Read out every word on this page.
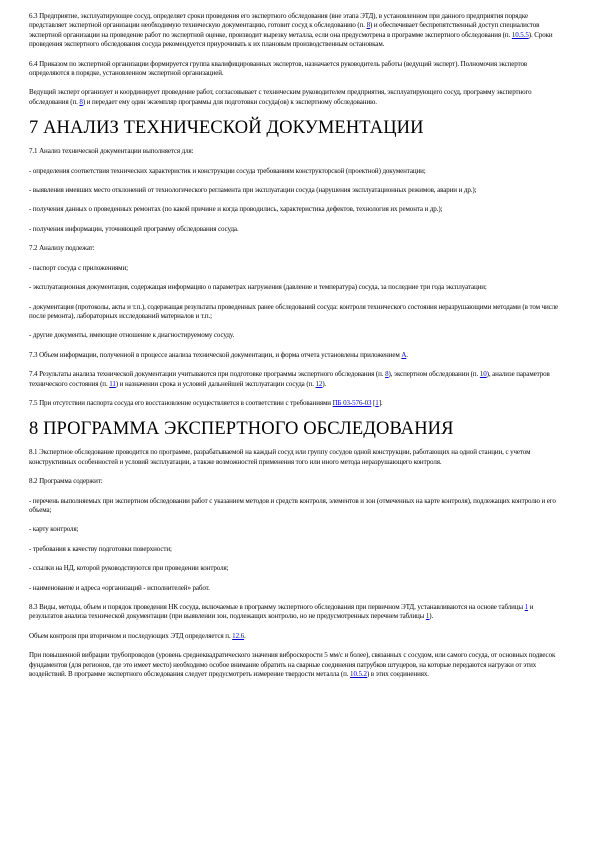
6.3 Предприятие, эксплуатирующее сосуд, определяет сроки проведения его экспертного обследования (вне этапа ЭТД), в установленном при данного предприятия порядке представляет экспертной организации необходимую техническую документацию, готовит сосуд к обследованию (п. 8) и обеспечивает беспрепятственный доступ специалистов экспертной организации на проведение работ по экспертной оценке, производит вырезку металла, если она предусмотрена в программе экспертного обследования (п. 10.5.5). Сроки проведения экспертного обследования сосуда рекомендуется приурочивать к их плановым производственным остановкам.

6.4 Приказом по экспертной организации формируется группа квалифицированных экспертов, назначается руководитель работы (ведущий эксперт). Полномочия экспертов определяются в порядке, установленном экспертной организацией.

Ведущий эксперт организует и координирует проведение работ, согласовывает с техническим руководителем предприятия, эксплуатирующего сосуд, программу экспертного обследования (п. 8) и передает ему один экземпляр программы для подготовки сосуда(ов) к экспертному обследованию.

7 АНАЛИЗ ТЕХНИЧЕСКОЙ ДОКУМЕНТАЦИИ

7.1 Анализ технической документации выполняется для:

- определения соответствия технических характеристик и конструкции сосуда требованиям конструкторской (проектной) документации;

- выявления имевших место отклонений от технологического регламента при эксплуатации сосуда (нарушения эксплуатационных режимов, аварии и др.);

- получения данных о проведенных ремонтах (по какой причине и когда проводились, характеристика дефектов, технология их ремонта и др.);

- получения информации, уточняющей программу обследования сосуда.

7.2 Анализу подлежат:

- паспорт сосуда с приложениями;

- эксплуатационная документация, содержащая информацию о параметрах нагружения (давление и температура) сосуда, за последние три года эксплуатации;

- документация (протоколы, акты и т.п.), содержащая результаты проведенных ранее обследований сосуда: контроля технического состояния неразрушающими методами (в том числе после ремонта), лабораторных исследований материалов и т.п.;

- другие документы, имеющие отношение к диагностируемому сосуду.

7.3 Объем информации, полученной в процессе анализа технической документации, и форма отчета установлены приложением А.

7.4 Результаты анализа технической документации учитываются при подготовке программы экспертного обследования (п. 8), экспертном обследовании (п. 10), анализе параметров технического состояния (п. 11) и назначении срока и условий дальнейшей эксплуатации сосуда (п. 12).

7.5 При отсутствии паспорта сосуда его восстановление осуществляется в соответствии с требованиями ПБ 03-576-03 [1].

8 ПРОГРАММА ЭКСПЕРТНОГО ОБСЛЕДОВАНИЯ

8.1 Экспертное обследование проводится по программе, разрабатываемой на каждый сосуд или группу сосудов одной конструкции, работающих на одной станции, с учетом конструктивных особенностей и условий эксплуатации, а также возможностей применения того или иного метода неразрушающего контроля.

8.2 Программа содержит:

- перечень выполняемых при экспертном обследовании работ с указанием методов и средств контроля, элементов и зон (отмеченных на карте контроля), подлежащих контролю и его объема;

- карту контроля;

- требования к качеству подготовки поверхности;

- ссылки на НД, которой руководствуются при проведении контроля;

- наименование и адреса «организаций - исполнителей» работ.

8.3 Виды, методы, объем и порядок проведения НК сосуда, включаемые в программу экспертного обследования при первичном ЭТД, устанавливаются на основе таблицы 1 и результатов анализа технической документации (при выявлении зон, подлежащих контролю, но не предусмотренных перечнем таблицы 1).

Объем контроля при вторичном и последующих ЭТД определяется п. 12.6.

При повышенной вибрации трубопроводов (уровень среднеквадратического значения виброскорости 5 мм/с и более), связанных с сосудом, или самого сосуда, от основных подвесок фундаментов (для регионов, где это имеет место) необходимо особое внимание обратить на сварные соединения патрубков штуцеров, на которые передаются нагрузки от этих воздействий. В программе экспертного обследования следует предусмотреть измерение твердости металла (п. 10.5.2) в этих соединениях.
